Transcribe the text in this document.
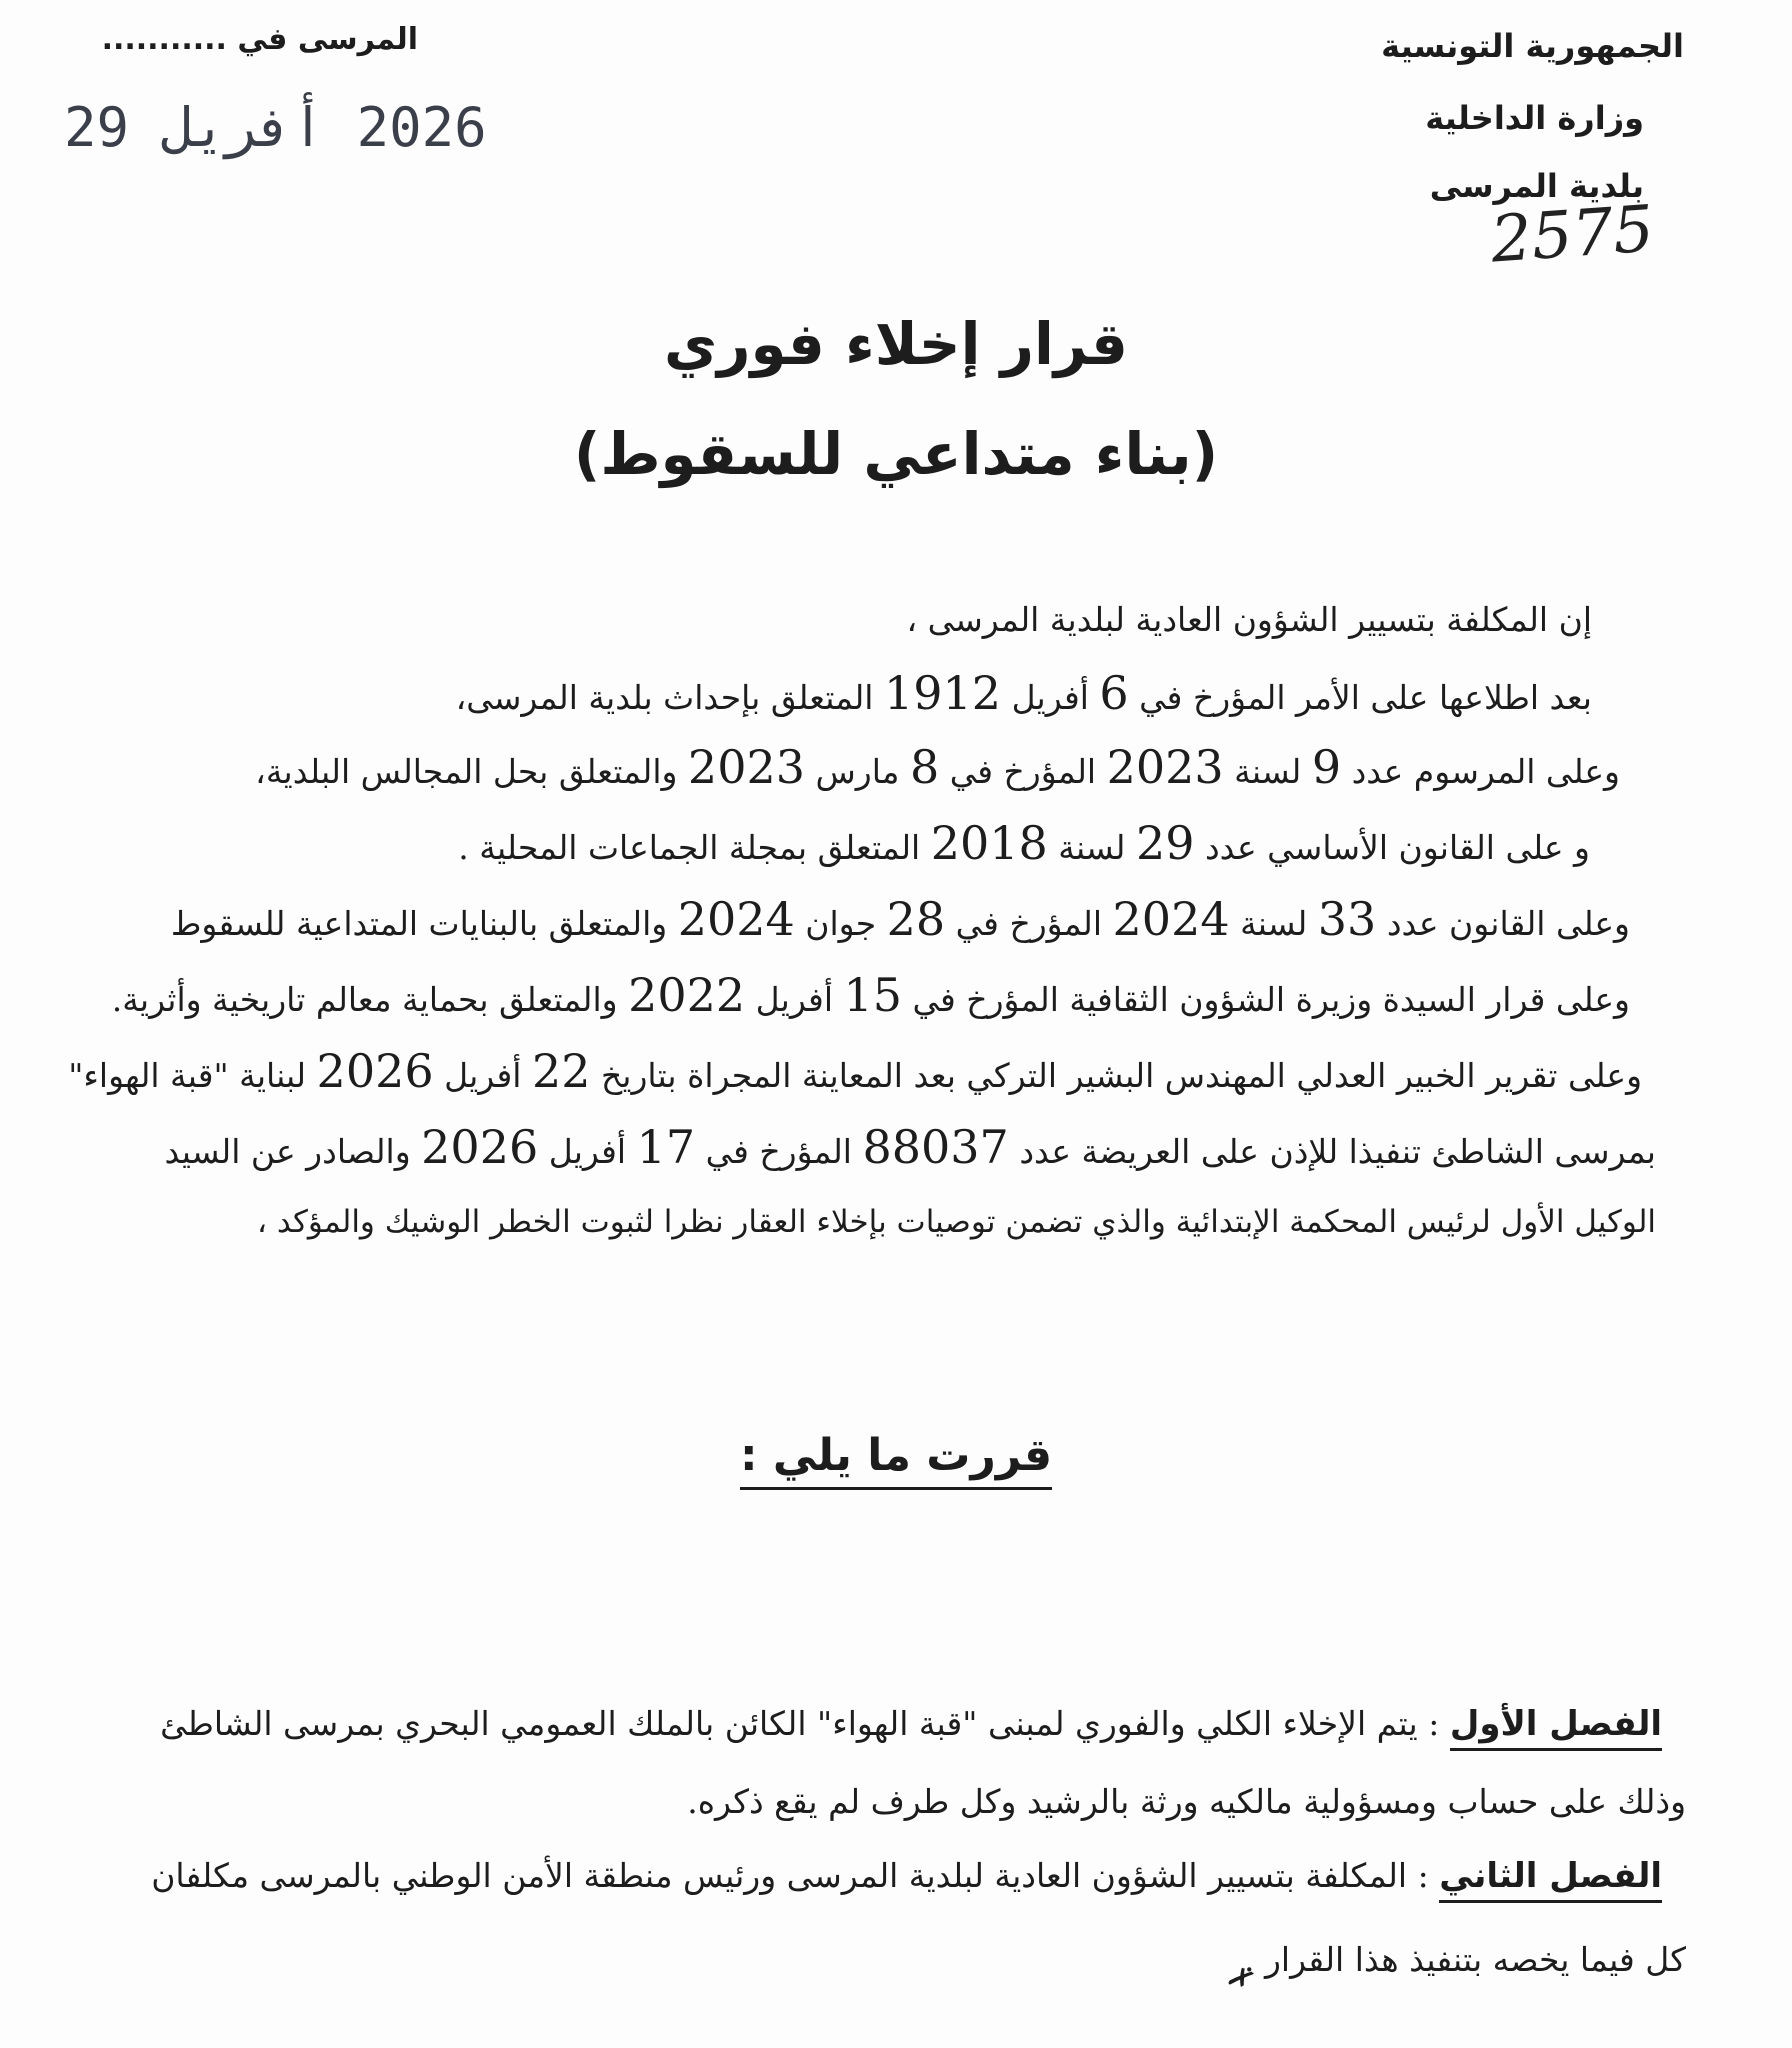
الجمهورية التونسية
وزارة الداخلية
بلدية المرسى
2575
المرسى في ...........
2026 أفريل 29
قرار إخلاء فوري
(بناء متداعي للسقوط)
إن المكلفة بتسيير الشؤون العادية لبلدية المرسى ،
بعد اطلاعها على الأمر المؤرخ في 6 أفريل 1912 المتعلق بإحداث بلدية المرسى،
وعلى المرسوم عدد 9 لسنة 2023 المؤرخ في 8 مارس 2023 والمتعلق بحل المجالس البلدية،
و على القانون الأساسي عدد 29 لسنة 2018 المتعلق بمجلة الجماعات المحلية .
وعلى القانون عدد 33 لسنة 2024 المؤرخ في 28 جوان 2024 والمتعلق بالبنايات المتداعية للسقوط
وعلى قرار السيدة وزيرة الشؤون الثقافية المؤرخ في 15 أفريل 2022 والمتعلق بحماية معالم تاريخية وأثرية.
وعلى تقرير الخبير العدلي المهندس البشير التركي بعد المعاينة المجراة بتاريخ 22 أفريل 2026 لبناية "قبة الهواء"
بمرسى الشاطئ تنفيذا للإذن على العريضة عدد 88037 المؤرخ في 17 أفريل 2026 والصادر عن السيد
الوكيل الأول لرئيس المحكمة الإبتدائية والذي تضمن توصيات بإخلاء العقار نظرا لثبوت الخطر الوشيك والمؤكد ،
قررت ما يلي :
الفصل الأول : يتم الإخلاء الكلي والفوري لمبنى "قبة الهواء" الكائن بالملك العمومي البحري بمرسى الشاطئ
وذلك على حساب ومسؤولية مالكيه ورثة بالرشيد وكل طرف لم يقع ذكره.
الفصل الثاني : المكلفة بتسيير الشؤون العادية لبلدية المرسى ورئيس منطقة الأمن الوطني بالمرسى مكلفان
كل فيما يخصه بتنفيذ هذا القرار .
✗
